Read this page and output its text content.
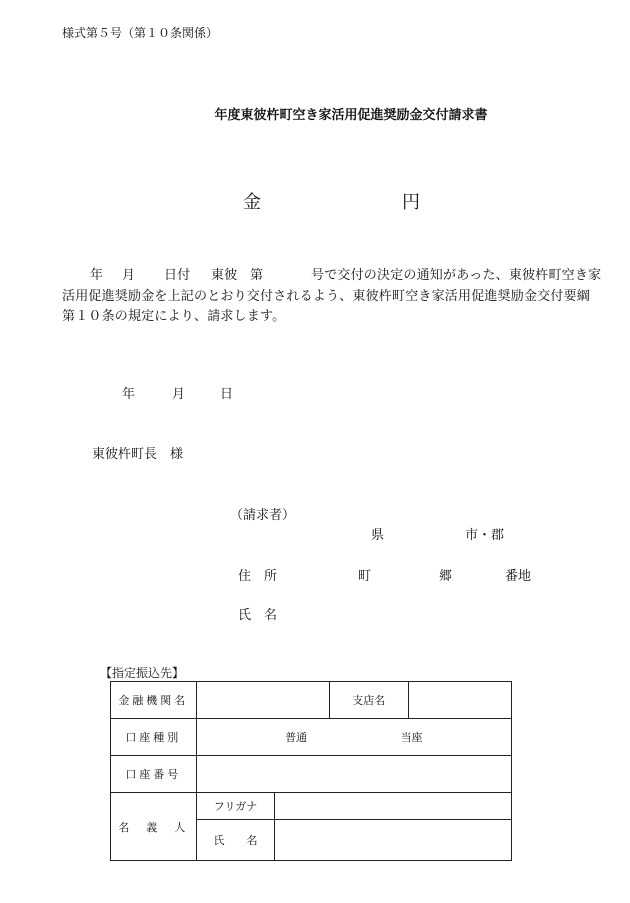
様式第５号（第１０条関係）
年度東彼杵町空き家活用促進奨励金交付請求書
金	円
年 月 日付 東彼 第	号で交付の決定の通知があった、東彼杵町空き家
活用促進奨励金を上記のとおり交付されるよう、東彼杵町空き家活用促進奨励金交付要綱
第１０条の規定により、請求します。
年	月	日
東彼杵町長　様
（請求者）
県	市・郡
住　所	町	郷	番地
氏　名
【指定振込先】
金融機関名			支店名	
口座種別	普通 当座			
口座番号				
名　義　人	フリガナ			
	氏　　名			
